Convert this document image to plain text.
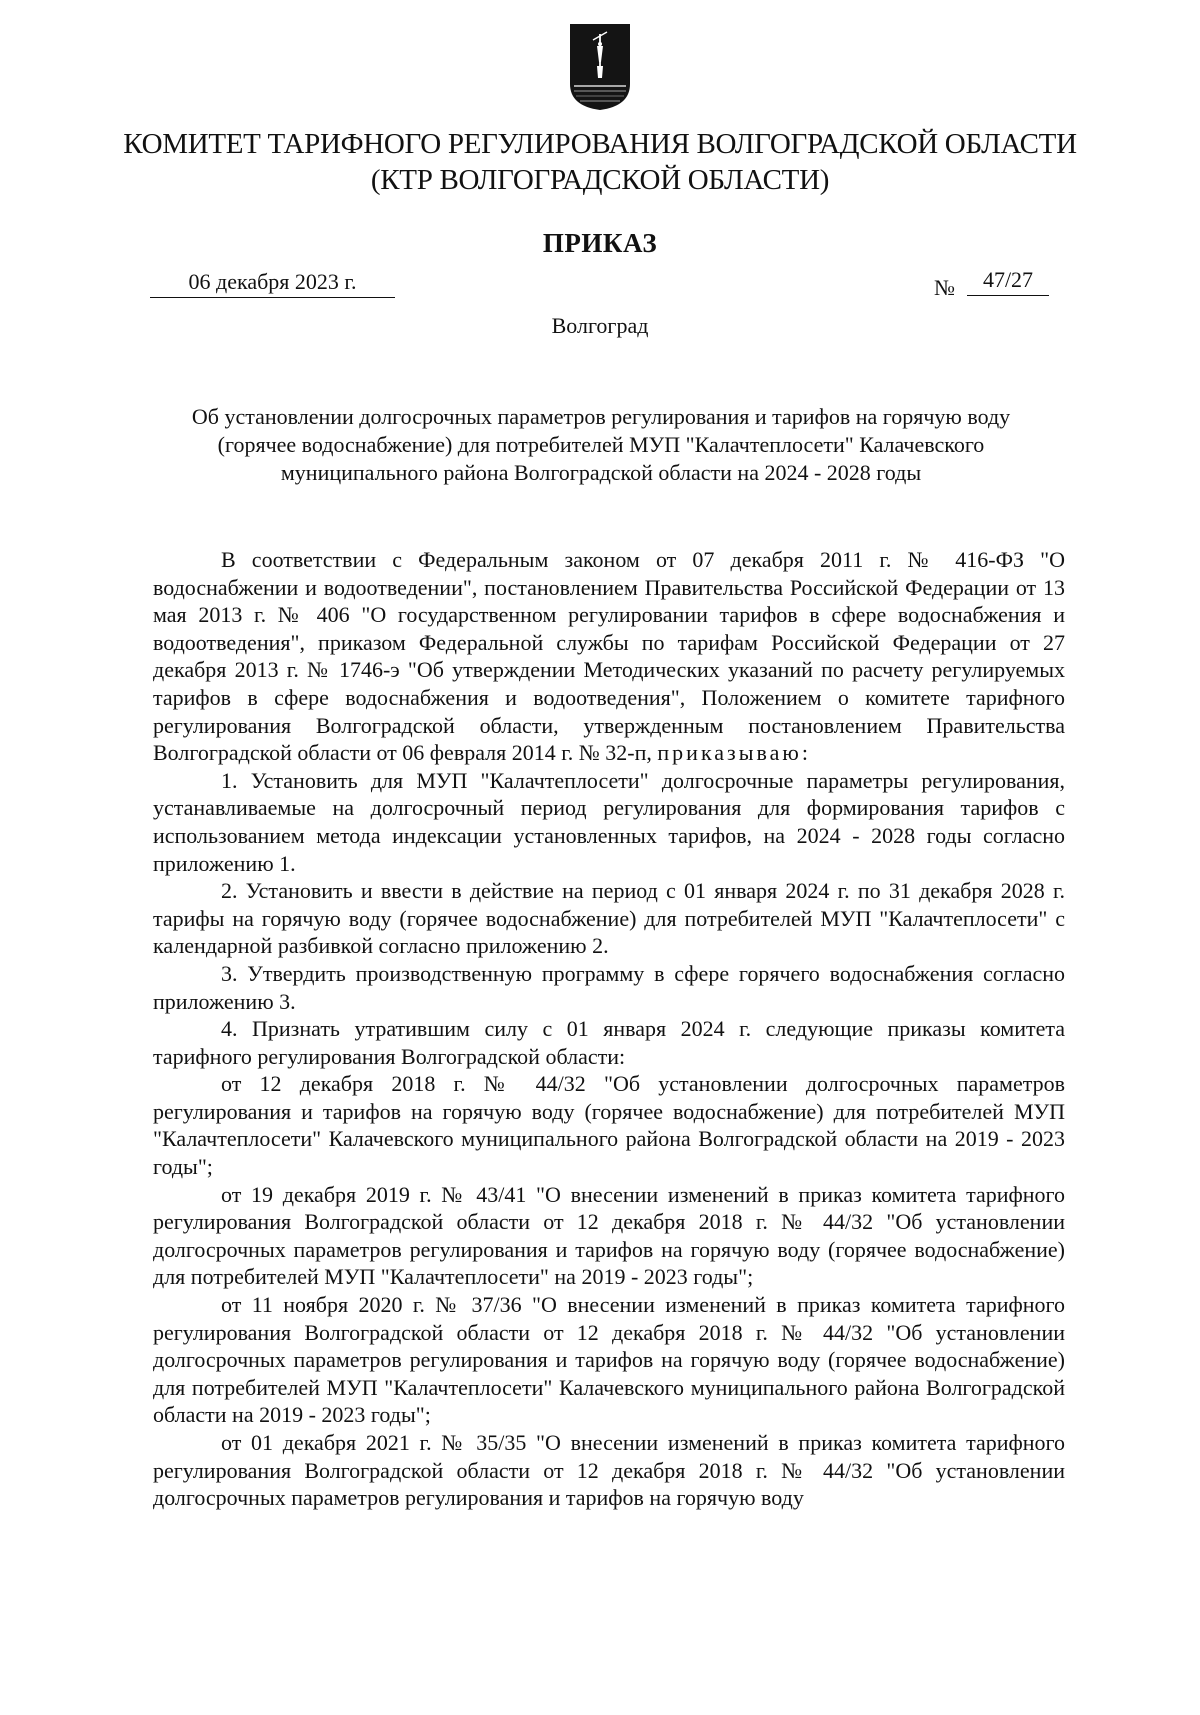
КОМИТЕТ ТАРИФНОГО РЕГУЛИРОВАНИЯ ВОЛГОГРАДСКОЙ ОБЛАСТИ
(КТР ВОЛГОГРАДСКОЙ ОБЛАСТИ)
ПРИКАЗ
06 декабря 2023 г.	№	47/27
Волгоград
Об установлении долгосрочных параметров регулирования и тарифов на горячую воду (горячее водоснабжение) для потребителей МУП "Калачтеплосети" Калачевского муниципального района Волгоградской области на 2024 - 2028 годы

В соответствии с Федеральным законом от 07 декабря 2011 г. № 416-ФЗ "О водоснабжении и водоотведении", постановлением Правительства Российской Федерации от 13 мая 2013 г. № 406 "О государственном регулировании тарифов в сфере водоснабжения и водоотведения", приказом Федеральной службы по тарифам Российской Федерации от 27 декабря 2013 г. № 1746-э "Об утверждении Методических указаний по расчету регулируемых тарифов в сфере водоснабжения и водоотведения", Положением о комитете тарифного регулирования Волгоградской области, утвержденным постановлением Правительства Волгоградской области от 06 февраля 2014 г. № 32-п, приказываю:

1. Установить для МУП "Калачтеплосети" долгосрочные параметры регулирования, устанавливаемые на долгосрочный период регулирования для формирования тарифов с использованием метода индексации установленных тарифов, на 2024 - 2028 годы согласно приложению 1.

2. Установить и ввести в действие на период с 01 января 2024 г. по 31 декабря 2028 г. тарифы на горячую воду (горячее водоснабжение) для потребителей МУП "Калачтеплосети" с календарной разбивкой согласно приложению 2.

3. Утвердить производственную программу в сфере горячего водоснабжения согласно приложению 3.

4. Признать утратившим силу с 01 января 2024 г. следующие приказы комитета тарифного регулирования Волгоградской области:

от 12 декабря 2018 г. № 44/32 "Об установлении долгосрочных параметров регулирования и тарифов на горячую воду (горячее водоснабжение) для потребителей МУП "Калачтеплосети" Калачевского муниципального района Волгоградской области на 2019 - 2023 годы";

от 19 декабря 2019 г. № 43/41 "О внесении изменений в приказ комитета тарифного регулирования Волгоградской области от 12 декабря 2018 г. № 44/32 "Об установлении долгосрочных параметров регулирования и тарифов на горячую воду (горячее водоснабжение) для потребителей МУП "Калачтеплосети" на 2019 - 2023 годы";

от 11 ноября 2020 г. № 37/36 "О внесении изменений в приказ комитета тарифного регулирования Волгоградской области от 12 декабря 2018 г. № 44/32 "Об установлении долгосрочных параметров регулирования и тарифов на горячую воду (горячее водоснабжение) для потребителей МУП "Калачтеплосети" Калачевского муниципального района Волгоградской области на 2019 - 2023 годы";

от 01 декабря 2021 г. № 35/35 "О внесении изменений в приказ комитета тарифного регулирования Волгоградской области от 12 декабря 2018 г. № 44/32 "Об установлении долгосрочных параметров регулирования и тарифов на горячую воду
